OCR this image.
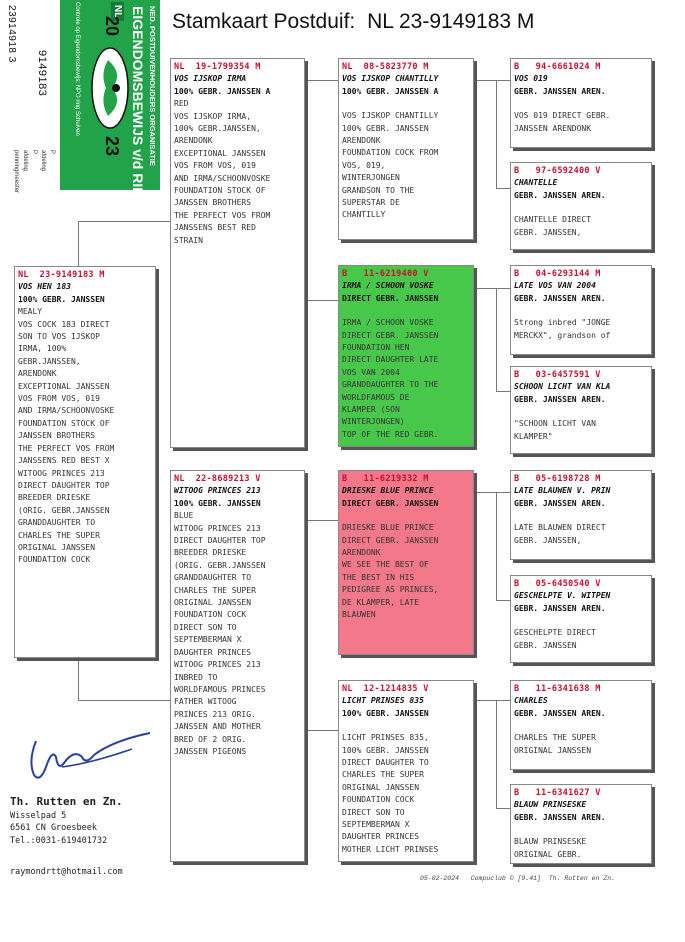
Stamkaart Postduif: NL 23-9149183 M
NED. POSTDUIVENHOUDERS ORGANISATIE
EIGENDOMSBEWIJS v/d RING
NL
20
23
Controle op Eigendomsbewijs: NPO ring Schuiven
9149183
P
afdeling
P
afdeling
penningmeester
23914918 3
NL  23-9149183 M
VOS HEN 183
100% GEBR. JANSSEN
MEALY
VOS COCK 183 DIRECT
SON TO VOS IJSKOP
IRMA, 100%
GEBR.JANSSEN,
ARENDONK
EXCEPTIONAL JANSSEN
VOS FROM VOS, 019
AND IRMA/SCHOONVOSKE
FOUNDATION STOCK OF
JANSSEN BROTHERS
THE PERFECT VOS FROM
JANSSENS RED BEST X
WITOOG PRINCES 213
DIRECT DAUGHTER TOP
BREEDER DRIESKE
(ORIG. GEBR.JANSSEN
GRANDDAUGHTER TO
CHARLES THE SUPER
ORIGINAL JANSSEN
FOUNDATION COCK
NL  19-1799354 M
VOS IJSKOP IRMA
100% GEBR. JANSSEN A
RED
VOS IJSKOP IRMA,
100% GEBR.JANSSEN,
ARENDONK
EXCEPTIONAL JANSSEN
VOS FROM VOS, 019
AND IRMA/SCHOONVOSKE
FOUNDATION STOCK OF
JANSSEN BROTHERS
THE PERFECT VOS FROM
JANSSENS BEST RED
STRAIN
NL  22-8689213 V
WITOOG PRINCES 213
100% GEBR. JANSSEN
BLUE
WITOOG PRINCES 213
DIRECT DAUGHTER TOP
BREEDER DRIESKE
(ORIG. GEBR.JANSSEN
GRANDDAUGHTER TO
CHARLES THE SUPER
ORIGINAL JANSSEN
FOUNDATION COCK
DIRECT SON TO
SEPTEMBERMAN X
DAUGHTER PRINCES
WITOOG PRINCES 213
INBRED TO
WORLDFAMOUS PRINCES
FATHER WITOOG
PRINCES 213 ORIG.
JANSSEN AND MOTHER
BRED OF 2 ORIG.
JANSSEN PIGEONS
NL  08-5823770 M
VOS IJSKOP CHANTILLY
100% GEBR. JANSSEN A
VOS IJSKOP CHANTILLY
100% GEBR. JANSSEN
ARENDONK
FOUNDATION COCK FROM
VOS, 019,
WINTERJONGEN
GRANDSON TO THE
SUPERSTAR DE
CHANTILLY
B   11-6219400 V
IRMA / SCHOON VOSKE
DIRECT GEBR. JANSSEN
IRMA / SCHOON VOSKE
DIRECT GEBR. JANSSEN
FOUNDATION HEN
DIRECT DAUGHTER LATE
VOS VAN 2004
GRANDDAUGHTER TO THE
WORLDFAMOUS DE
KLAMPER (SON
WINTERJONGEN)
TOP OF THE RED GEBR.
B   11-6219332 M
DRIESKE BLUE PRINCE
DIRECT GEBR. JANSSEN
DRIESKE BLUE PRINCE
DIRECT GEBR. JANSSEN
ARENDONK
WE SEE THE BEST OF
THE BEST IN HIS
PEDIGREE AS PRINCES,
DE KLAMPER, LATE
BLAUWEN
NL  12-1214835 V
LICHT PRINSES 835
100% GEBR. JANSSEN
LICHT PRINSES 835,
100% GEBR. JANSSEN
DIRECT DAUGHTER TO
CHARLES THE SUPER
ORIGINAL JANSSEN
FOUNDATION COCK
DIRECT SON TO
SEPTEMBERMAN X
DAUGHTER PRINCES
MOTHER LICHT PRINSES
B   94-6661024 M
VOS 019
GEBR. JANSSEN AREN.
VOS 019 DIRECT GEBR.
JANSSEN ARENDONK
B   97-6592400 V
CHANTELLE
GEBR. JANSSEN AREN.
CHANTELLE DIRECT
GEBR. JANSSEN,
B   04-6293144 M
LATE VOS VAN 2004
GEBR. JANSSEN AREN.
Strong inbred "JONGE
MERCKX", grandson of
B   03-6457591 V
SCHOON LICHT VAN KLA
GEBR. JANSSEN AREN.
"SCHOON LICHT VAN
KLAMPER"
B   05-6198728 M
LATE BLAUWEN V. PRIN
GEBR. JANSSEN AREN.
LATE BLAUWEN DIRECT
GEBR. JANSSEN,
B   05-6450540 V
GESCHELPTE V. WITPEN
GEBR. JANSSEN AREN.
GESCHELPTE DIRECT
GEBR. JANSSEN
B   11-6341638 M
CHARLES
GEBR. JANSSEN AREN.
CHARLES THE SUPER
ORIGINAL JANSSEN
B   11-6341627 V
BLAUW PRINSESKE
GEBR. JANSSEN AREN.
BLAUW PRINSESKE
ORIGINAL GEBR.
Th. Rutten en Zn.
Wisselpad 5
6561 CN Groesbeek
Tel.:0031-619401732
raymondrtt@hotmail.com
05-02-2024   Compuclub © [9.41]  Th. Rutten en Zn.
